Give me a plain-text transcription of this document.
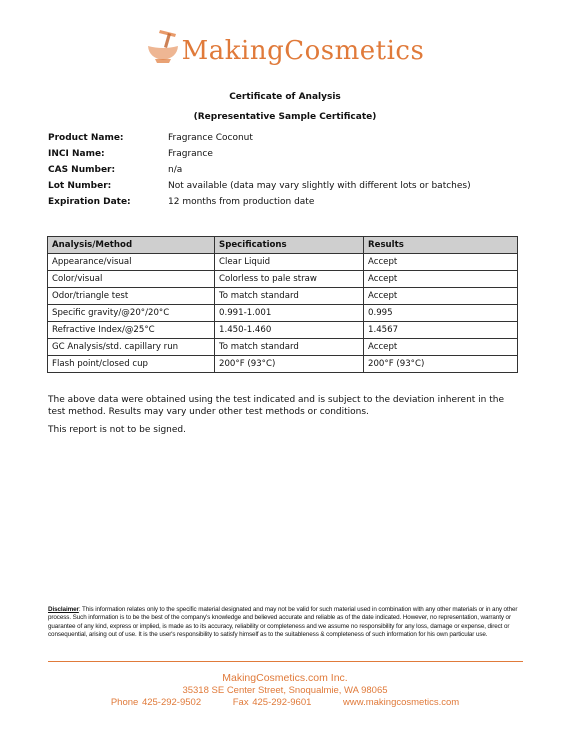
MakingCosmetics
Certificate of Analysis
(Representative Sample Certificate)
Product Name:	Fragrance Coconut
INCI Name:	Fragrance
CAS Number:	n/a
Lot Number:	Not available (data may vary slightly with different lots or batches)
Expiration Date:	12 months from production date
Analysis/Method	Specifications	Results
Appearance/visual	Clear Liquid	Accept
Color/visual	Colorless to pale straw	Accept
Odor/triangle test	To match standard	Accept
Specific gravity/@20°/20°C	0.991-1.001	0.995
Refractive Index/@25°C	1.450-1.460	1.4567
GC Analysis/std. capillary run	To match standard	Accept
Flash point/closed cup	200°F (93°C)	200°F (93°C)
The above data were obtained using the test indicated and is subject to the deviation inherent in the test method. Results may vary under other test methods or conditions.
This report is not to be signed.
Disclaimer: This information relates only to the specific material designated and may not be valid for such material used in combination with any other materials or in any other process. Such information is to be the best of the company's knowledge and believed accurate and reliable as of the date indicated. However, no representation, warranty or guarantee of any kind, express or implied, is made as to its accuracy, reliability or completeness and we assume no responsibility for any loss, damage or expense, direct or consequential, arising out of use. It is the user's responsibility to satisfy himself as to the suitableness & completeness of such information for his own particular use.
MakingCosmetics.com Inc.
35318 SE Center Street, Snoqualmie, WA 98065
Phone 425-292-9502	Fax 425-292-9601	www.makingcosmetics.com
